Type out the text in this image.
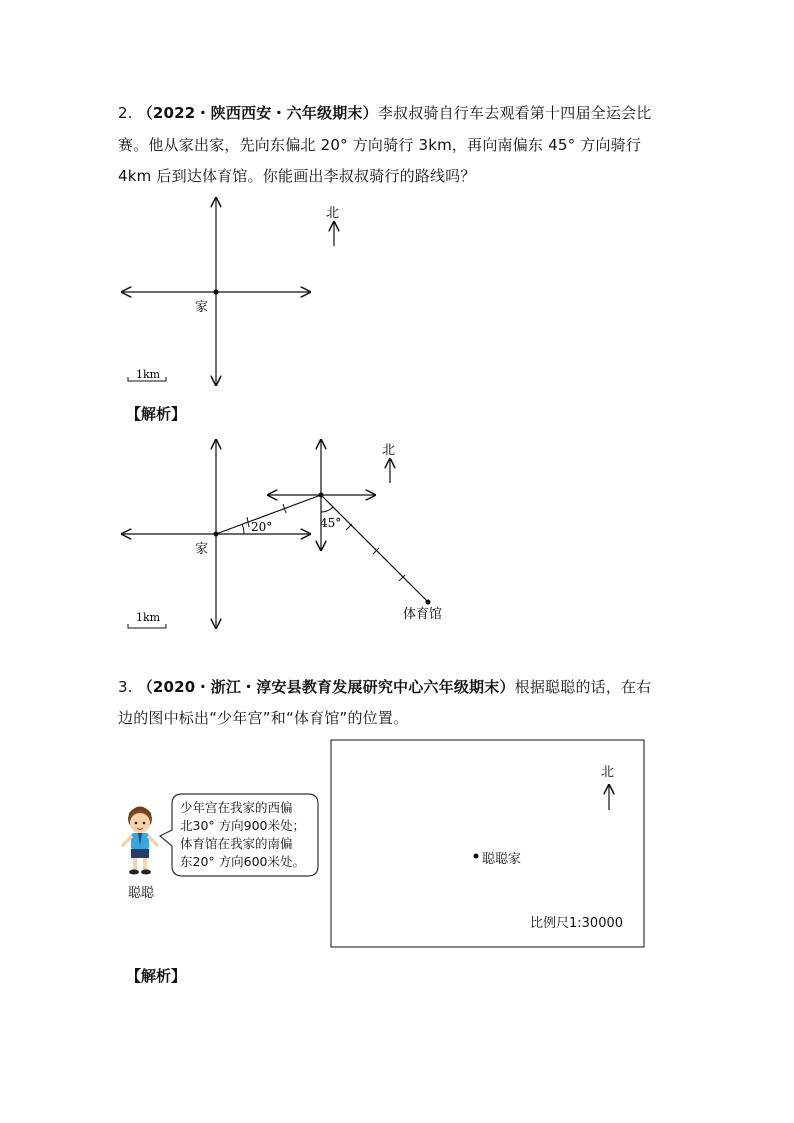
2. （2022・陕西西安・六年级期末）李叔叔骑自行车去观看第十四届全运会比
赛。他从家出家，先向东偏北 20° 方向骑行 3km，再向南偏东 45° 方向骑行
4km 后到达体育馆。你能画出李叔叔骑行的路线吗？
家
北
1km
【解析】
家
20°	45°
体育馆
北
1km
3. （2020・浙江・淳安县教育发展研究中心六年级期末）根据聪聪的话，在右
边的图中标出“少年宫”和“体育馆”的位置。
少年宫在我家的西偏
北30° 方向900米处；
体育馆在我家的南偏
东20° 方向600米处。
聪聪
北
聪聪家
比例尺1:30000
【解析】
